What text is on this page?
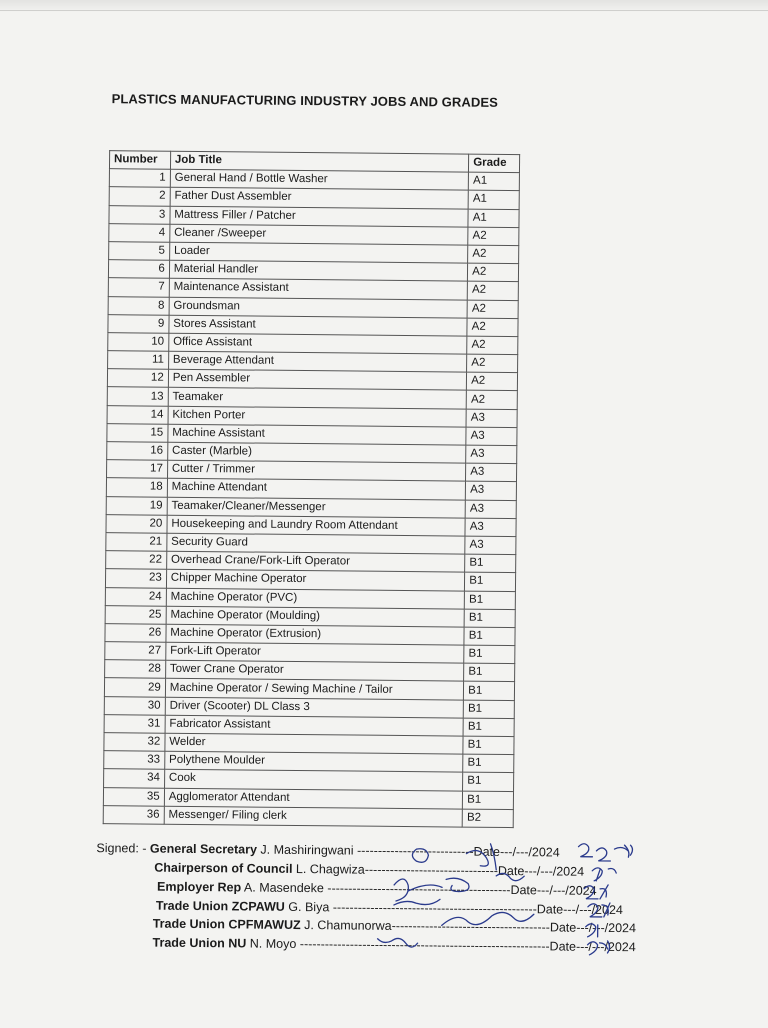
PLASTICS MANUFACTURING INDUSTRY JOBS AND GRADES
Number	Job Title	Grade
1	General Hand / Bottle Washer	A1
2	Father Dust Assembler	A1
3	Mattress Filler / Patcher	A1
4	Cleaner /Sweeper	A2
5	Loader	A2
6	Material Handler	A2
7	Maintenance Assistant	A2
8	Groundsman	A2
9	Stores Assistant	A2
10	Office Assistant	A2
11	Beverage Attendant	A2
12	Pen Assembler	A2
13	Teamaker	A2
14	Kitchen Porter	A3
15	Machine Assistant	A3
16	Caster (Marble)	A3
17	Cutter / Trimmer	A3
18	Machine Attendant	A3
19	Teamaker/Cleaner/Messenger	A3
20	Housekeeping and Laundry Room Attendant	A3
21	Security Guard	A3
22	Overhead Crane/Fork-Lift Operator	B1
23	Chipper Machine Operator	B1
24	Machine Operator (PVC)	B1
25	Machine Operator (Moulding)	B1
26	Machine Operator (Extrusion)	B1
27	Fork-Lift Operator	B1
28	Tower Crane Operator	B1
29	Machine Operator / Sewing Machine / Tailor	B1
30	Driver (Scooter) DL Class 3	B1
31	Fabricator Assistant	B1
32	Welder	B1
33	Polythene Moulder	B1
34	Cook	B1
35	Agglomerator Attendant	B1
36	Messenger/ Filing clerk	B2
Signed: - General Secretary J. Mashiringwani ----------------------------Date---/---/2024
Chairperson of Council L. Chagwiza--------------------------------Date---/---/2024
Employer Rep A. Masendeke --------------------------------------------Date---/---/2024
Trade Union ZCPAWU G. Biya -------------------------------------------------Date---/---/2024
Trade Union CPFMAWUZ J. Chamunorwa--------------------------------------Date---/---/2024
Trade Union NU N. Moyo ------------------------------------------------------------Date---/---/2024
